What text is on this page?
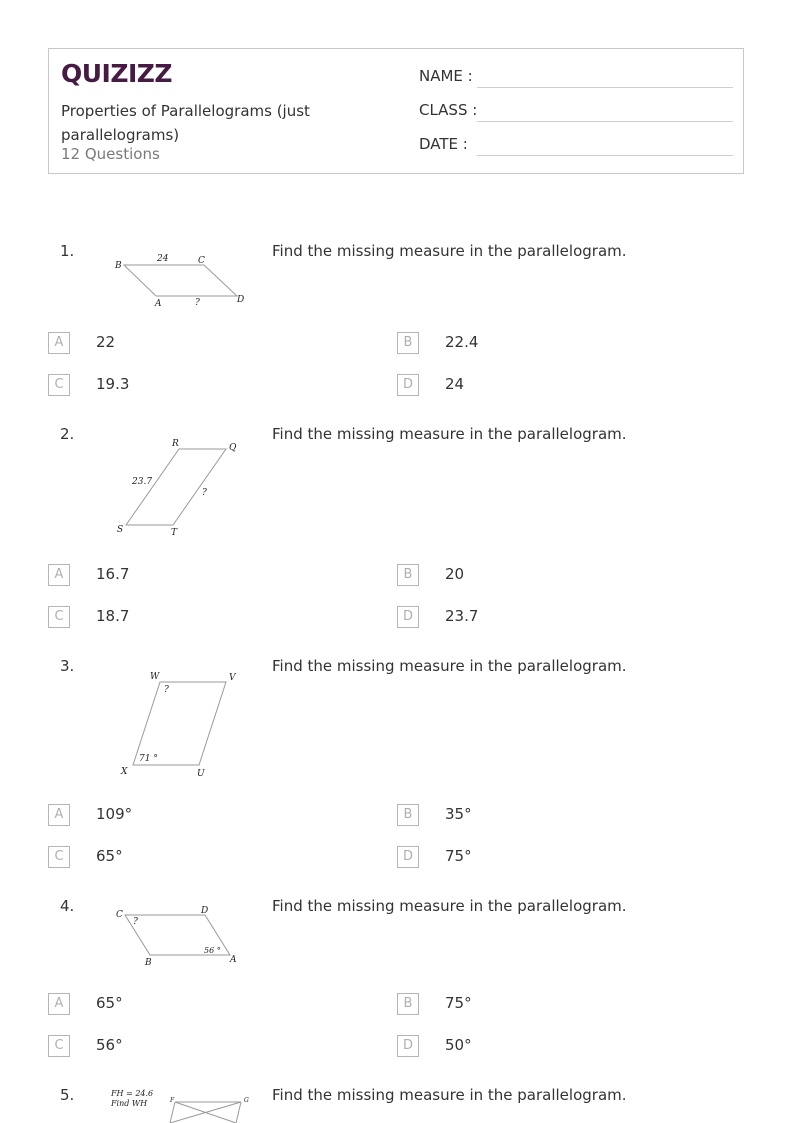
QUIZIZZ
Properties of Parallelograms (just parallelograms)
12 Questions
NAME :
CLASS :
DATE :
1.	Find the missing measure in the parallelogram.
B
24	C
A	?	D
A	22	B	22.4
C	19.3	D	24
2.	Find the missing measure in the parallelogram.
R	Q
23.7
?
S	T
A	16.7	B	20
C	18.7	D	23.7
3.	Find the missing measure in the parallelogram.
W	V
?
71 °
X	U
A	109°	B	35°
C	65°	D	75°
4.	Find the missing measure in the parallelogram.
C
?
D
56 °
B	A
A	65°	B	75°
C	56°	D	50°
5.	Find the missing measure in the parallelogram.
FH = 24.6
Find WH	F	G
